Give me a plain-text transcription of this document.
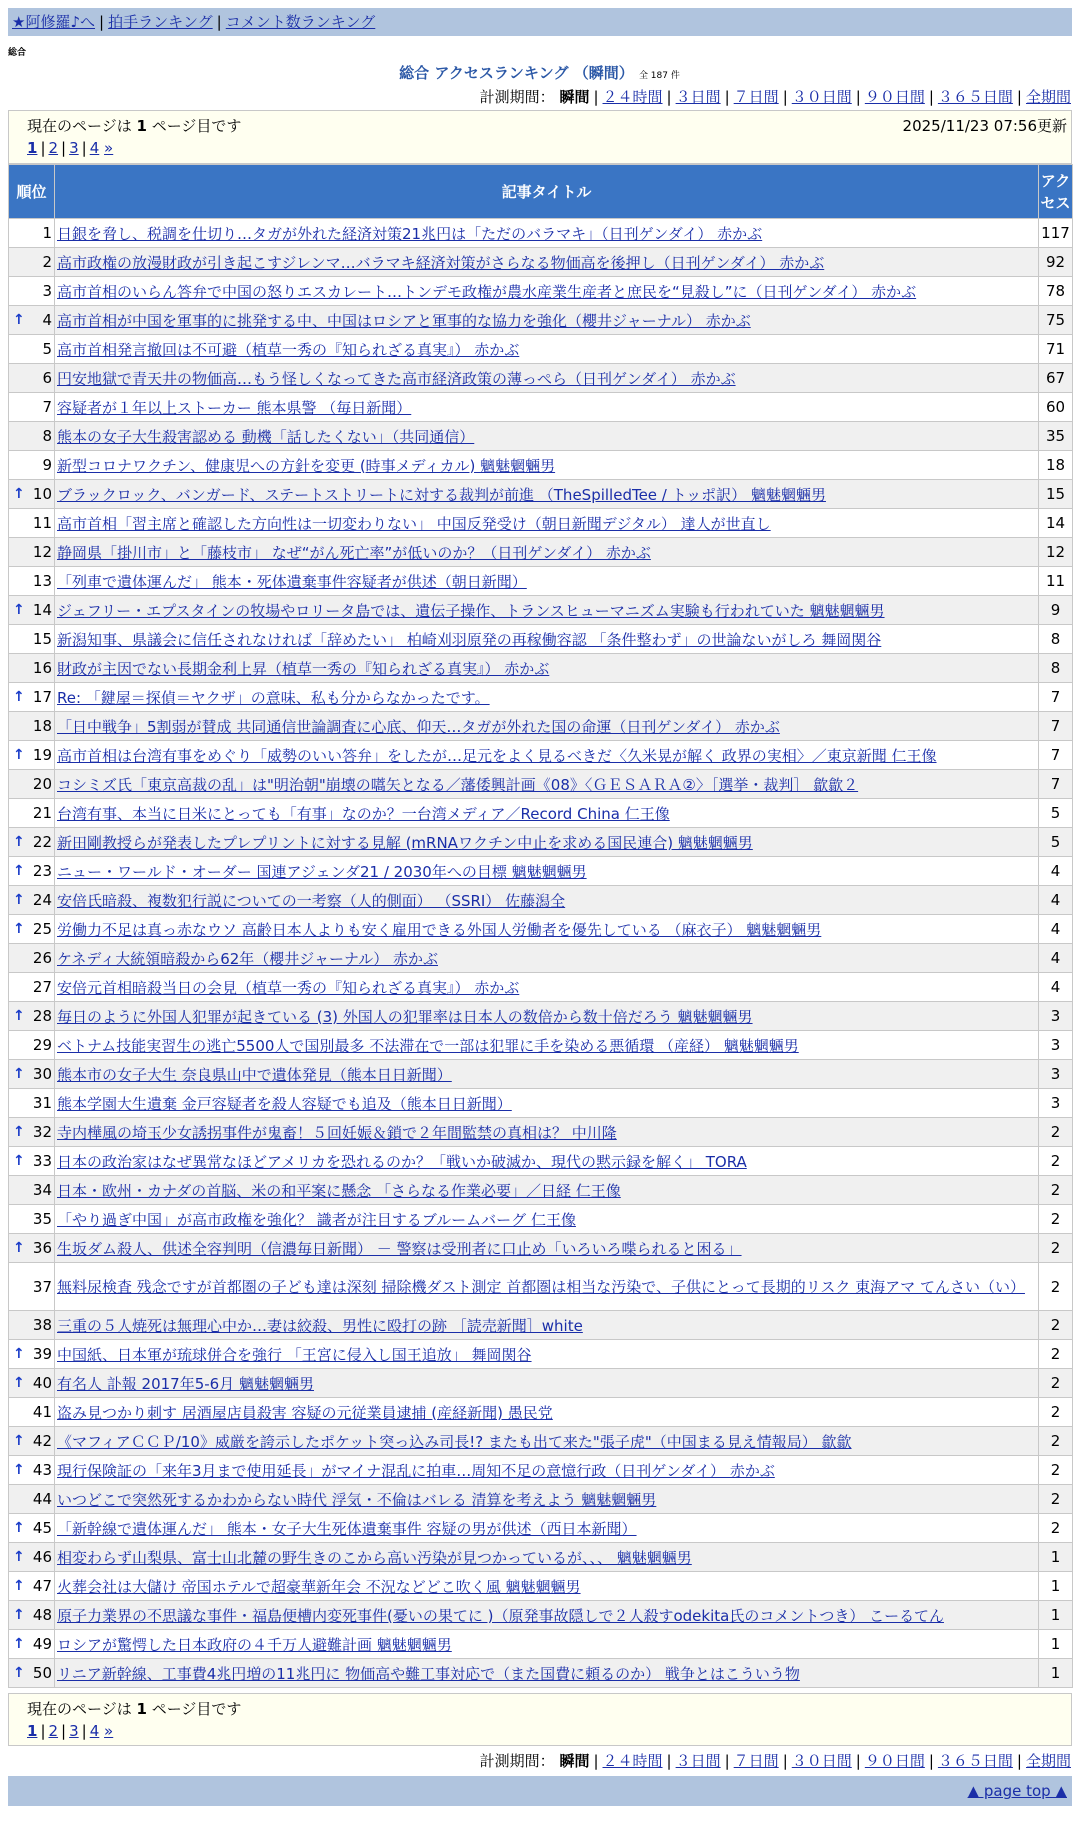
★阿修羅♪へ | 拍手ランキング | コメント数ランキング
総合
総合 アクセスランキング （瞬間） 全 187 件
計測期間： 瞬間 | ２４時間 | ３日間 | ７日間 | ３０日間 | ９０日間 | ３６５日間 | 全期間
現在のページは 1 ページ目です	2025/11/23 07:56更新
1 | 2 | 3 | 4 »
順位	記事タイトル	アクセス
1	日銀を脅し、税調を仕切り…タガが外れた経済対策21兆円は「ただのバラマキ」（日刊ゲンダイ） 赤かぶ	117
2	高市政権の放漫財政が引き起こすジレンマ…バラマキ経済対策がさらなる物価高を後押し（日刊ゲンダイ） 赤かぶ	92
3	高市首相のいらん答弁で中国の怒りエスカレート…トンデモ政権が農水産業生産者と庶民を“見殺し”に（日刊ゲンダイ） 赤かぶ	78

↑ 4	高市首相が中国を軍事的に挑発する中、中国はロシアと軍事的な協力を強化（櫻井ジャーナル） 赤かぶ	75
5	高市首相発言撤回は不可避（植草一秀の『知られざる真実』） 赤かぶ	71
6	円安地獄で青天井の物価高…もう怪しくなってきた高市経済政策の薄っぺら（日刊ゲンダイ） 赤かぶ	67
7	容疑者が１年以上ストーカー 熊本県警 （毎日新聞）	60
8	熊本の女子大生殺害認める 動機「話したくない」（共同通信）	35
9	新型コロナワクチン、健康児への方針を変更 (時事メディカル) 魑魅魍魎男	18

↑ 10	ブラックロック、バンガード、ステートストリートに対する裁判が前進 （TheSpilledTee / トッポ訳） 魑魅魍魎男	15
11	高市首相「習主席と確認した方向性は一切変わりない」 中国反発受け（朝日新聞デジタル） 達人が世直し	14
12	静岡県「掛川市」と「藤枝市」 なぜ“がん死亡率”が低いのか？（日刊ゲンダイ） 赤かぶ	12
13	「列車で遺体運んだ」 熊本・死体遺棄事件容疑者が供述（朝日新聞）	11

↑ 14	ジェフリー・エプスタインの牧場やロリータ島では、遺伝子操作、トランスヒューマニズム実験も行われていた 魑魅魍魎男	9
15	新潟知事、県議会に信任されなければ「辞めたい」 柏崎刈羽原発の再稼働容認 「条件整わず」の世論ないがしろ 舞岡関谷	8
16	財政が主因でない長期金利上昇（植草一秀の『知られざる真実』） 赤かぶ	8

↑ 17	Re: 「鍵屋＝探偵＝ヤクザ」の意味、私も分からなかったです。	7
18	「日中戦争」5割弱が賛成 共同通信世論調査に心底、仰天…タガが外れた国の命運（日刊ゲンダイ） 赤かぶ	7

↑ 19	高市首相は台湾有事をめぐり「威勢のいい答弁」をしたが…足元をよく見るべきだ〈久米晃が解く 政界の実相〉／東京新聞 仁王像	7
20	コシミズ氏「東京高裁の乱」は"明治朝"崩壊の嚆矢となる／藩倭興計画《08》〈ＧＥＳＡＲＡ②〉［選挙・裁判］ 歙歙２	7
21	台湾有事、本当に日米にとっても「有事」なのか？一台湾メディア／Record China 仁王像	5

↑ 22	新田剛教授らが発表したプレプリントに対する見解 (mRNAワクチン中止を求める国民連合) 魑魅魍魎男	5

↑ 23	ニュー・ワールド・オーダー 国連アジェンダ21 / 2030年への目標 魑魅魍魎男	4

↑ 24	安倍氏暗殺、複数犯行説についての一考察（人的側面） （SSRI） 佐藤潟全	4

↑ 25	労働力不足は真っ赤なウソ 高齢日本人よりも安く雇用できる外国人労働者を優先している （麻衣子） 魑魅魍魎男	4
26	ケネディ大統領暗殺から62年（櫻井ジャーナル） 赤かぶ	4
27	安倍元首相暗殺当日の会見（植草一秀の『知られざる真実』） 赤かぶ	4

↑ 28	毎日のように外国人犯罪が起きている (3) 外国人の犯罪率は日本人の数倍から数十倍だろう 魑魅魍魎男	3
29	ベトナム技能実習生の逃亡5500人で国別最多 不法滞在で一部は犯罪に手を染める悪循環 （産経） 魑魅魍魎男	3

↑ 30	熊本市の女子大生 奈良県山中で遺体発見（熊本日日新聞）	3
31	熊本学園大生遺棄 金戸容疑者を殺人容疑でも追及（熊本日日新聞）	3

↑ 32	寺内樺風の埼玉少女誘拐事件が鬼畜！５回妊娠＆鎖で２年間監禁の真相は？ 中川隆	2

↑ 33	日本の政治家はなぜ異常なほどアメリカを恐れるのか？「戦いか破滅か、現代の黙示録を解く」 TORA	2
34	日本・欧州・カナダの首脳、米の和平案に懸念 「さらなる作業必要」／日経 仁王像	2
35	「やり過ぎ中国」が高市政権を強化？ 識者が注目するブルームバーグ 仁王像	2

↑ 36	生坂ダム殺人、供述全容判明（信濃毎日新聞） － 警察は受刑者に口止め「いろいろ喋られると困る」	2
37	無料尿検査 残念ですが首都圏の子ども達は深刻 掃除機ダスト測定 首都圏は相当な汚染で、子供にとって長期的リスク 東海アマ てんさい（い）	2
38	三重の５人焼死は無理心中か…妻は絞殺、男性に殴打の跡 ［読売新聞］white	2

↑ 39	中国紙、日本軍が琉球併合を強行 「王宮に侵入し国王追放」 舞岡関谷	2

↑ 40	有名人 訃報 2017年5-6月 魑魅魍魎男	2
41	盗み見つかり刺す 居酒屋店員殺害 容疑の元従業員逮捕 (産経新聞) 愚民党	2

↑ 42	《マフィアＣＣＰ/10》威厳を誇示したポケット突っ込み司長!? またも出て来た"張子虎"（中国まる見え情報局） 歙歙	2

↑ 43	現行保険証の「来年3月まで使用延長」がマイナ混乱に拍車…周知不足の意憶行政（日刊ゲンダイ） 赤かぶ	2
44	いつどこで突然死するかわからない時代 浮気・不倫はバレる 清算を考えよう 魑魅魍魎男	2

↑ 45	「新幹線で遺体運んだ」 熊本・女子大生死体遺棄事件 容疑の男が供述（西日本新聞）	2

↑ 46	相変わらず山梨県、富士山北麓の野生きのこから高い汚染が見つかっているが、、、 魑魅魍魎男	1

↑ 47	火葬会社は大儲け 帝国ホテルで超豪華新年会 不況などどこ吹く風 魑魅魍魎男	1

↑ 48	原子力業界の不思議な事件・福島便槽内変死事件(憂いの果てに )（原発事故隠しで２人殺すodekita氏のコメントつき） こーるてん	1

↑ 49	ロシアが驚愕した日本政府の４千万人避難計画 魑魅魍魎男	1

↑ 50	リニア新幹線、工事費4兆円増の11兆円に 物価高や難工事対応で（また国費に頼るのか） 戦争とはこういう物	1
現在のページは 1 ページ目です
1 | 2 | 3 | 4 »
計測期間： 瞬間 | ２４時間 | ３日間 | ７日間 | ３０日間 | ９０日間 | ３６５日間 | 全期間
▲ page top ▲
